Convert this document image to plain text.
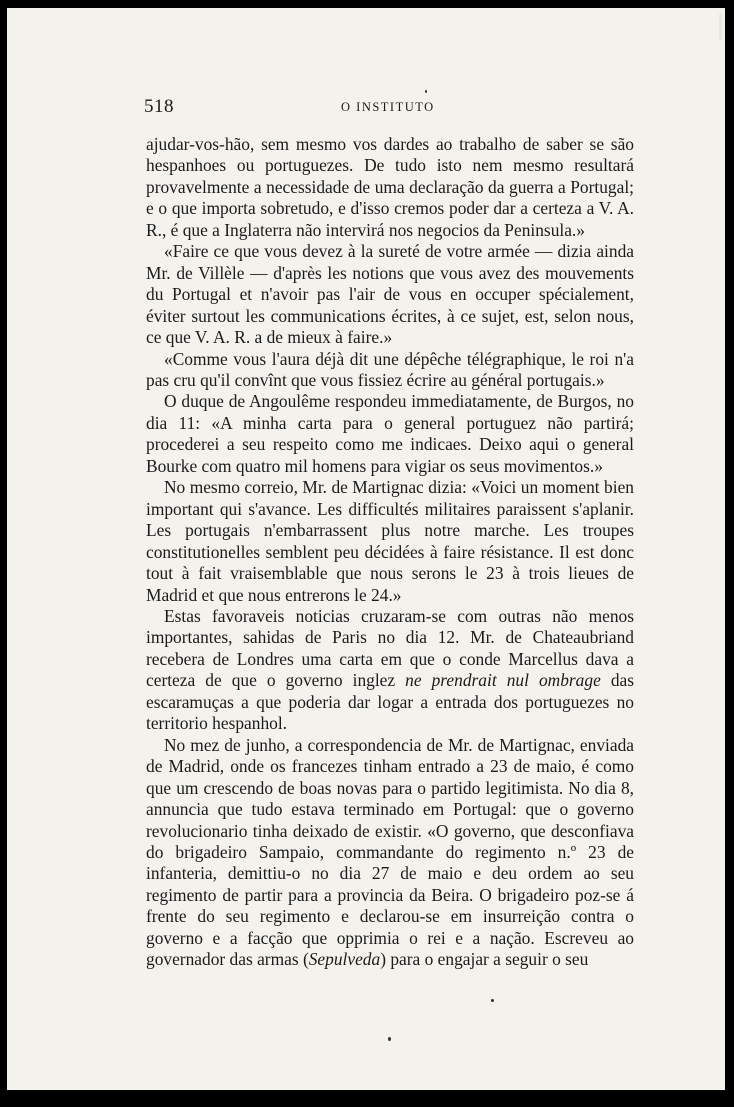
518	O INSTITUTO

ajudar-vos-hão, sem mesmo vos dardes ao trabalho de saber se são hespanhoes ou portuguezes. De tudo isto nem mesmo resultará provavelmente a necessidade de uma declaração da guerra a Portugal; e o que importa sobretudo, e d'isso cremos poder dar a certeza a V. A. R., é que a Inglaterra não intervirá nos negocios da Peninsula.»

«Faire ce que vous devez à la sureté de votre armée — dizia ainda Mr. de Villèle — d'après les notions que vous avez des mouvements du Portugal et n'avoir pas l'air de vous en occuper spécialement, éviter surtout les communications écrites, à ce sujet, est, selon nous, ce que V. A. R. a de mieux à faire.»

«Comme vous l'aura déjà dit une dépêche télégraphique, le roi n'a pas cru qu'il convînt que vous fissiez écrire au général portugais.»

O duque de Angoulême respondeu immediatamente, de Burgos, no dia 11: «A minha carta para o general portuguez não partirá; procederei a seu respeito como me indicaes. Deixo aqui o general Bourke com quatro mil homens para vigiar os seus movimentos.»

No mesmo correio, Mr. de Martignac dizia: «Voici un moment bien important qui s'avance. Les difficultés militaires paraissent s'aplanir. Les portugais n'embarrassent plus notre marche. Les troupes constitutionelles semblent peu décidées à faire résistance. Il est donc tout à fait vraisemblable que nous serons le 23 à trois lieues de Madrid et que nous entrerons le 24.»

Estas favoraveis noticias cruzaram-se com outras não menos importantes, sahidas de Paris no dia 12. Mr. de Chateaubriand recebera de Londres uma carta em que o conde Marcellus dava a certeza de que o governo inglez ne prendrait nul ombrage das escaramuças a que poderia dar logar a entrada dos portuguezes no territorio hespanhol.

No mez de junho, a correspondencia de Mr. de Martignac, enviada de Madrid, onde os francezes tinham entrado a 23 de maio, é como que um crescendo de boas novas para o partido legitimista. No dia 8, annuncia que tudo estava terminado em Portugal: que o governo revolucionario tinha deixado de existir. «O governo, que desconfiava do brigadeiro Sampaio, commandante do regimento n.º 23 de infanteria, demittiu-o no dia 27 de maio e deu ordem ao seu regimento de partir para a provincia da Beira. O brigadeiro poz-se á frente do seu regimento e declarou-se em insurreição contra o governo e a facção que opprimia o rei e a nação. Escreveu ao governador das armas (Sepulveda) para o engajar a seguir o seu
